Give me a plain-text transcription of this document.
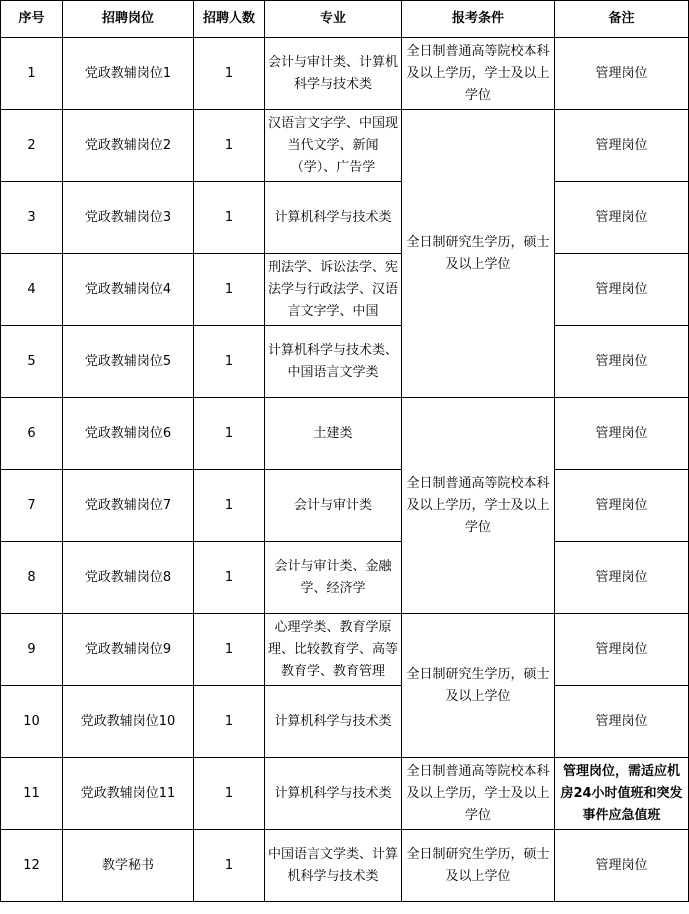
序号	招聘岗位	招聘人数	专业	报考条件	备注
1	党政教辅岗位1	1	会计与审计类、计算机科学与技术类	全日制普通高等院校本科及以上学历，学士及以上学位	管理岗位
2	党政教辅岗位2	1	汉语言文字学、中国现当代文学、新闻（学）、广告学	全日制研究生学历，硕士及以上学位	管理岗位
3	党政教辅岗位3	1	计算机科学与技术类		管理岗位
4	党政教辅岗位4	1	刑法学、诉讼法学、宪法学与行政法学、汉语言文字学、中国		管理岗位
5	党政教辅岗位5	1	计算机科学与技术类、中国语言文学类		管理岗位
6	党政教辅岗位6	1	土建类	全日制普通高等院校本科及以上学历，学士及以上学位	管理岗位
7	党政教辅岗位7	1	会计与审计类		管理岗位
8	党政教辅岗位8	1	会计与审计类、金融学、经济学		管理岗位
9	党政教辅岗位9	1	心理学类、教育学原理、比较教育学、高等教育学、教育管理	全日制研究生学历，硕士及以上学位	管理岗位
10	党政教辅岗位10	1	计算机科学与技术类		管理岗位
11	党政教辅岗位11	1	计算机科学与技术类	全日制普通高等院校本科及以上学历，学士及以上学位	管理岗位，需适应机房24小时值班和突发事件应急值班
12	教学秘书	1	中国语言文学类、计算机科学与技术类	全日制研究生学历，硕士及以上学位	管理岗位
